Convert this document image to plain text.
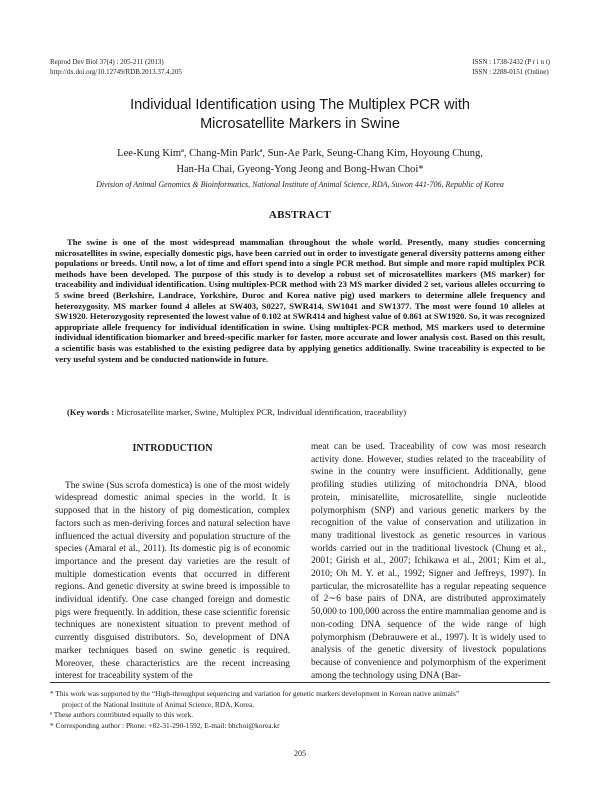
Reprod Dev Biol 37(4) : 205-211 (2013)
http://dx.doi.org/10.12749/RDB.2013.37.4.205
ISSN : 1738-2432 (P r i n t)
ISSN : 2288-0151 (Online)
Individual Identification using The Multiplex PCR with
Microsatellite Markers in Swine
Lee-Kung Kimª, Chang-Min Parkª, Sun-Ae Park, Seung-Chang Kim, Hoyoung Chung,
Han-Ha Chai, Gyeong-Yong Jeong and Bong-Hwan Choi*
Division of Animal Genomics & Bioinformatics, National Institute of Animal Science, RDA, Suwon 441-706, Republic of Korea
ABSTRACT

The swine is one of the most widespread mammalian throughout the whole world. Presently, many studies concerning microsatellites in swine, especially domestic pigs, have been carried out in order to investigate general diversity patterns among either populations or breeds. Until now, a lot of time and effort spend into a single PCR method. But simple and more rapid multiplex PCR methods have been developed. The purpose of this study is to develop a robust set of microsatellites markers (MS marker) for traceability and individual identification. Using multiplex-PCR method with 23 MS marker divided 2 set, various alleles occurring to 5 swine breed (Berkshire, Landrace, Yorkshire, Duroc and Korea native pig) used markers to determine allele frequency and heterozygosity. MS marker found 4 alleles at SW403, S0227, SWR414, SW1041 and SW1377. The most were found 10 alleles at SW1920. Heterozygosity represented the lowest value of 0.102 at SWR414 and highest value of 0.861 at SW1920. So, it was recognized appropriate allele frequency for individual identification in swine. Using multiplex-PCR method, MS markers used to determine individual identification biomarker and breed-specific marker for faster, more accurate and lower analysis cost. Based on this result, a scientific basis was established to the existing pedigree data by applying genetics additionally. Swine traceability is expected to be very useful system and be conducted nationwide in future.

(Key words : Microsatellite marker, Swine, Multiplex PCR, Individual identification, traceability)
INTRODUCTION

The swine (Sus scrofa domestica) is one of the most widely widespread domestic animal species in the world. It is supposed that in the history of pig domestication, complex factors such as men-deriving forces and natural selection have influenced the actual diversity and population structure of the species (Amaral et al., 2011). Its domestic pig is of economic importance and the present day varieties are the result of multiple domestication events that occurred in different regions. And genetic diversity at swine breed is impossible to individual identify. One case changed foreign and domestic pigs were frequently. In addition, these case scientific forensic techniques are nonexistent situation to prevent method of currently disguised distributors. So, development of DNA marker techniques based on swine genetic is required. Moreover, these characteristics are the recent increasing interest for traceability system of the

meat can be used. Traceability of cow was most research activity done. However, studies related to the traceability of swine in the country were insufficient. Additionally, gene profiling studies utilizing of mitochondria DNA, blood protein, minisatellite, microsatellite, single nucleotide polymorphism (SNP) and various genetic markers by the recognition of the value of conservation and utilization in many traditional livestock as genetic resources in various worlds carried out in the traditional livestock (Chung et al., 2001; Girish et al., 2007; Ichikawa et al., 2001; Kim et al., 2010; Oh M. Y. et al., 1992; Signer and Jeffreys, 1997). In particular, the microsatellite has a regular repeating sequence of 2∼6 base pairs of DNA, are distributed approximately 50,000 to 100,000 across the entire mammalian genome and is non-coding DNA sequence of the wide range of high polymorphism (Debrauwere et al., 1997). It is widely used to analysis of the genetic diversity of livestock populations because of convenience and polymorphism of the experiment among the technology using DNA (Bar-

* This work was supported by the “High-throughput sequencing and variation for genetic markers development in Korean native animals”

project of the National Institute of Animal Science, RDA, Korea.

ª These authors contributed equally to this work.

* Corresponding author : Phone: +82-31-290-1592, E-mail: bhchoi@korea.kr

205
